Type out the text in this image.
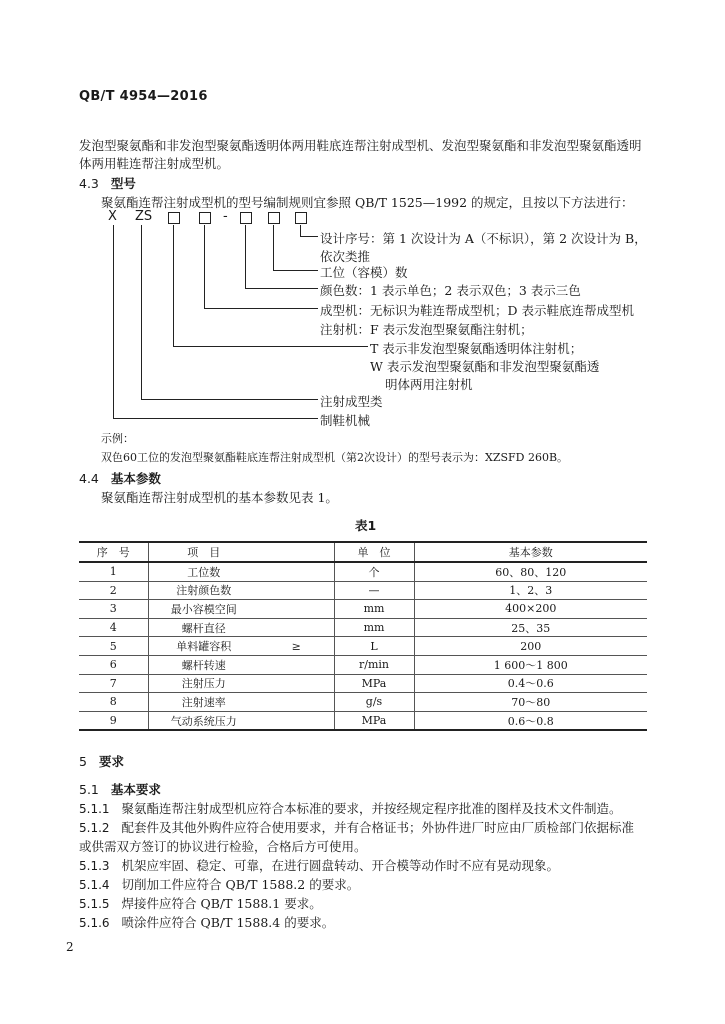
QB/T 4954—2016
发泡型聚氨酯和非发泡型聚氨酯透明体两用鞋底连帮注射成型机、发泡型聚氨酯和非发泡型聚氨酯透明
体两用鞋连帮注射成型机。
4.3 型号
聚氨酯连帮注射成型机的型号编制规则宜参照 QB/T 1525—1992 的规定，且按以下方法进行：
X ZS	-
设计序号：第 1 次设计为 A（不标识），第 2 次设计为 B，
依次类推
工位（容模）数
颜色数：1 表示单色；2 表示双色；3 表示三色
成型机：无标识为鞋连帮成型机；D 表示鞋底连帮成型机
注射机：F 表示发泡型聚氨酯注射机；
T 表示非发泡型聚氨酯透明体注射机；
W 表示发泡型聚氨酯和非发泡型聚氨酯透
明体两用注射机
注射成型类
制鞋机械
示例：
双色60工位的发泡型聚氨酯鞋底连帮注射成型机（第2次设计）的型号表示为：XZSFD 260B。
4.4 基本参数
聚氨酯连帮注射成型机的基本参数见表 1。
表1
序　号	项　目		单　位	基本参数
1	工位数		个	60、80、120
2	注射颜色数		—	1、2、3
3	最小容模空间		mm	400×200
4	螺杆直径		mm	25、35
5	单料罐容积	≥	L	200
6	螺杆转速		r/min	1 600～1 800
7	注射压力		MPa	0.4～0.6
8	注射速率		g/s	70～80
9	气动系统压力		MPa	0.6～0.8
5 要求
5.1 基本要求
5.1.1 聚氨酯连帮注射成型机应符合本标准的要求，并按经规定程序批准的图样及技术文件制造。
5.1.2 配套件及其他外购件应符合使用要求，并有合格证书；外协件进厂时应由厂质检部门依据标准
或供需双方签订的协议进行检验，合格后方可使用。
5.1.3 机架应牢固、稳定、可靠，在进行圆盘转动、开合模等动作时不应有晃动现象。
5.1.4 切削加工件应符合 QB/T 1588.2 的要求。
5.1.5 焊接件应符合 QB/T 1588.1 要求。
5.1.6 喷涂件应符合 QB/T 1588.4 的要求。
2
